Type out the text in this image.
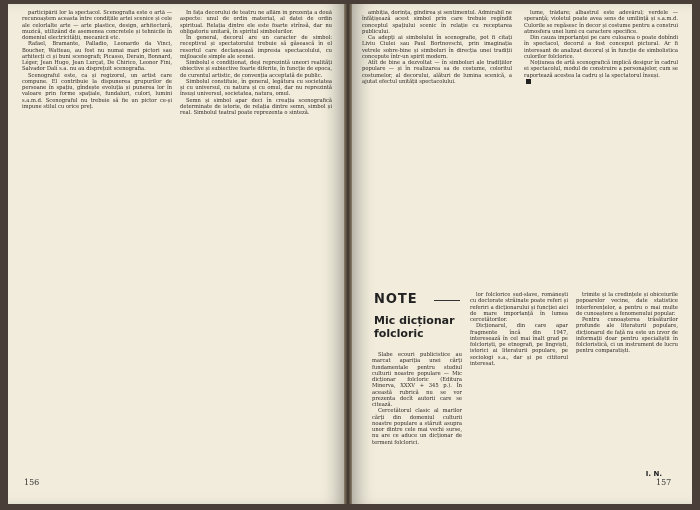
participării lor la spectacol. Scenografia este o artă — recunoaștem aceasta între condițiile artei scenice și cele ale celorlalte arte — arte plastice, design, arhitectură, muzică, utilizând de asemenea concretele și tehnicile în domeniul electricității, mecanicii etc.

Rafael, Bramante, Palladio, Leonardo da Vinci, Boucher, Watteau, au fost nu numai mari pictori sau arhitecți ci și buni scenografi; Picasso, Derain, Bonnard, Léger, Jean Hugo, Jean Lurçat, De Chirico, Leonor Fini, Salvador Dalí s.a. nu au disprețuit scenografia.

Scenograful este, ca și regizorul, un artist care compune. El contribuie la dispunerea grupurilor de persoane în spațiu, gîndește evoluția și punerea lor în valoare prin forme spațiale, fundaluri, culori, lumini s.a.m.d. Scenograful nu trebuie să fie un pictor ce-și impune stilul cu orice preț.

În fața decorului de teatru ne aflăm în prezența a două aspecte: unul de ordin material, al datei de ordin spiritual. Relația dintre ele este foarte strînsă, dar nu obligatoriu unitară, în spiritul simbolurilor.

În general, decorul are un caracter de simbol: receptivul și spectatorului trebuie să găsească în el resortul care declanșează impresia spectacolului, cu mijloacele simple ale scenei.

Simbolul e condiționat, deși reprezintă uneori realități obiective și subiective foarte diferite, în funcție de epoca, de curentul artistic, de convenția acceptată de public.

Simbolul constituie, în general, legătura cu societatea și cu universul, cu natura și cu omul, dar nu reprezintă însuși universul, societatea, natura, omul.

Semn și simbol apar deci în creația scenografică determinate de istorie, de relația dintre semn, simbol și real. Simbolul teatral poate reprezenta o sinteză.

156

ambiția, dorința, gîndirea și sentimentul. Admirabil ne înfățișează acest simbol prin care trebuie regîndit conceptul spațiului scenic în relație cu receptarea publicului.

Ca adepți ai simbolului în scenografie, pot fi citați Liviu Ciulei sau Paul Bortnovschi, prin imaginația vetrele sobre-bine și simboluri în direcția unei tradiții concepute într-un spirit modern.

Atît de bine a dezvoltat — în simboluri ale tradițiilor populare — și în realizarea sa de costume, coloritul costumelor, al decorului, alături de lumina scenică, a ajutat efectul unității spectacolului.

lume, trădare; albastrul este adevărul; verdele — speranță; violetul poate avea sens de umilință și s.a.m.d. Culorile se regăsesc în decor și costume pentru a construi atmosfera unei lumi cu caractere specifice.

Din cauza importanței pe care culoarea o poate dobîndi în spectacol, decorul a fost conceput pictural. Ar fi interesant de analizat decorul și în funcție de simbolistica culorilor folclorice.

Noțiunea de artă scenografică implică desigur în cadrul ei spectacolul, modul de construire a personajelor, cum se raportează acestea la cadru și la spectatorul însuși.

NOTE
Mic dicționar folcloric

Slabe ecouri publicistice au marcat apariția unei cărți fundamentale pentru studiul culturii noastre populare — Mic dicționar folcloric (Editura Minerva, XXXV + 345 p.). În această rubrică nu se vor prezenta decît autorii care se citează.

Cercetătorul clasic al marilor cărți din domeniul culturii noastre populare a stăruit asupra unor dintre cele mai vechi surse, nu are ce aduce un dicționar de termeni folclorici.

lor folclorice sud-slave, românești cu doctorate străinate poate referi și referiri a dicționarului și funcției aici de mare importanță în lumea cercetătorilor.

Dicționarul, din care apar fragmente încă din 1947, interesează în cel mai înalt grad pe folcloriști, pe etnografi, pe lingviști, istorici ai literaturii populare, pe sociologi s.a., dar și pe cititorul interesat.

trimite și la credințele și obiceiurile popoarelor vecine, date statistice interferențelor, a pentru o mai multe de cunoaștere a fenomenului popular.

Pentru cunoașterea trăsăturilor profunde ale literaturii populare, dicționarul de față nu este un izvor de informații doar pentru specialiștii în folcloristică, ci un instrument de lucru pentru comparatiști.

I. N.
157
